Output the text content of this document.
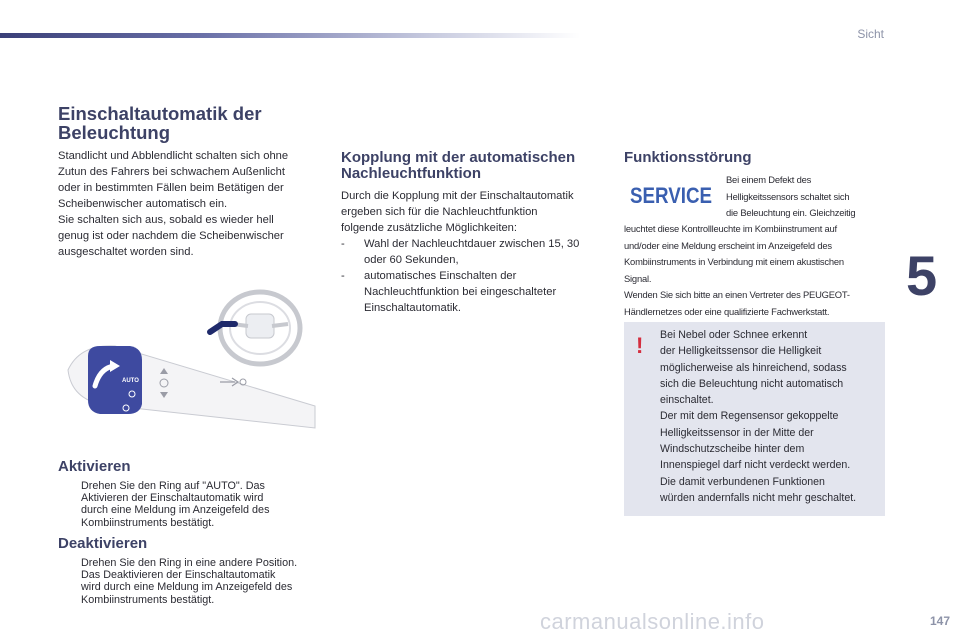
Sicht
5
Einschaltautomatik der
Beleuchtung
Standlicht und Abblendlicht schalten sich ohne
Zutun des Fahrers bei schwachem Außenlicht
oder in bestimmten Fällen beim Betätigen der
Scheibenwischer automatisch ein.
Sie schalten sich aus, sobald es wieder hell
genug ist oder nachdem die Scheibenwischer
ausgeschaltet worden sind.
AUTO
Aktivieren
Drehen Sie den Ring auf "AUTO". Das
Aktivieren der Einschaltautomatik wird
durch eine Meldung im Anzeigefeld des
Kombiinstruments bestätigt.
Deaktivieren
Drehen Sie den Ring in eine andere Position.
Das Deaktivieren der Einschaltautomatik
wird durch eine Meldung im Anzeigefeld des
Kombiinstruments bestätigt.
Kopplung mit der automatischen
Nachleuchtfunktion
Durch die Kopplung mit der Einschaltautomatik
ergeben sich für die Nachleuchtfunktion
folgende zusätzliche Möglichkeiten:
- Wahl der Nachleuchtdauer zwischen 15, 30
oder 60 Sekunden,
- automatisches Einschalten der
Nachleuchtfunktion bei eingeschalteter
Einschaltautomatik.
Funktionsstörung
SERVICE
Bei einem Defekt des
Helligkeitssensors schaltet sich
die Beleuchtung ein. Gleichzeitig
leuchtet diese Kontrollleuchte im Kombiinstrument auf
und/oder eine Meldung erscheint im Anzeigefeld des
Kombiinstruments in Verbindung mit einem akustischen
Signal.
Wenden Sie sich bitte an einen Vertreter des PEUGEOT-
Händlernetzes oder eine qualifizierte Fachwerkstatt.
! Bei Nebel oder Schnee erkennt
der Helligkeitssensor die Helligkeit
möglicherweise als hinreichend, sodass
sich die Beleuchtung nicht automatisch
einschaltet.
Der mit dem Regensensor gekoppelte
Helligkeitssensor in der Mitte der
Windschutzscheibe hinter dem
Innenspiegel darf nicht verdeckt werden.
Die damit verbundenen Funktionen
würden andernfalls nicht mehr geschaltet.
carmanualsonline.info	147
